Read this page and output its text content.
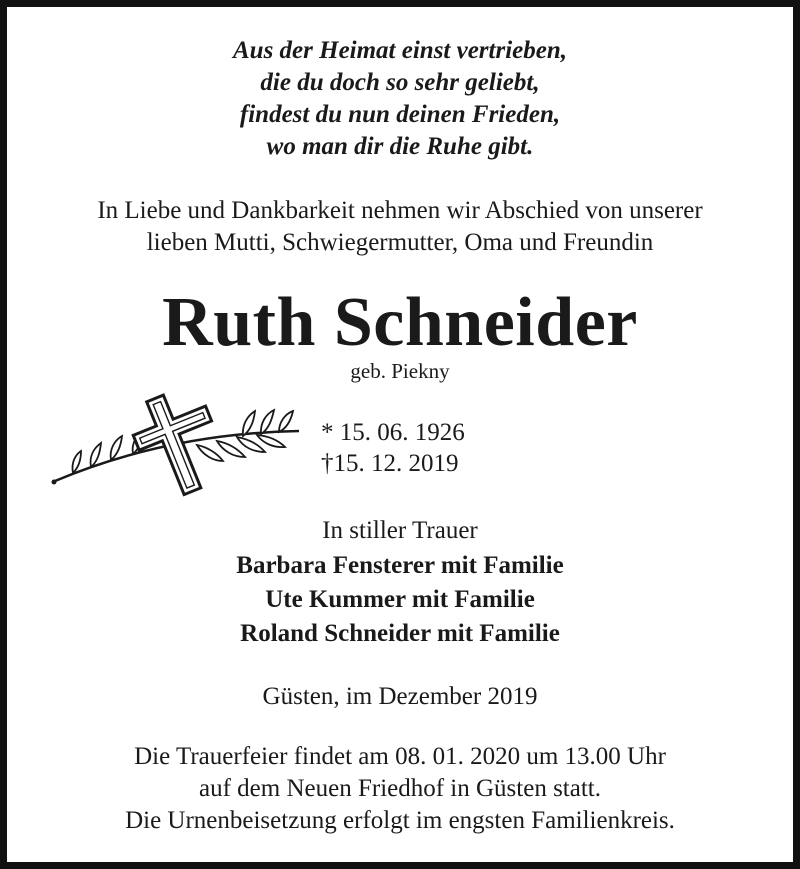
Aus der Heimat einst vertrieben,
die du doch so sehr geliebt,
findest du nun deinen Frieden,
wo man dir die Ruhe gibt.
In Liebe und Dankbarkeit nehmen wir Abschied von unserer
lieben Mutti, Schwiegermutter, Oma und Freundin
Ruth Schneider
geb. Piekny
* 15. 06. 1926
†15. 12. 2019
In stiller Trauer
Barbara Fensterer mit Familie
Ute Kummer mit Familie
Roland Schneider mit Familie
Güsten, im Dezember 2019
Die Trauerfeier findet am 08. 01. 2020 um 13.00 Uhr
auf dem Neuen Friedhof in Güsten statt.
Die Urnenbeisetzung erfolgt im engsten Familienkreis.
